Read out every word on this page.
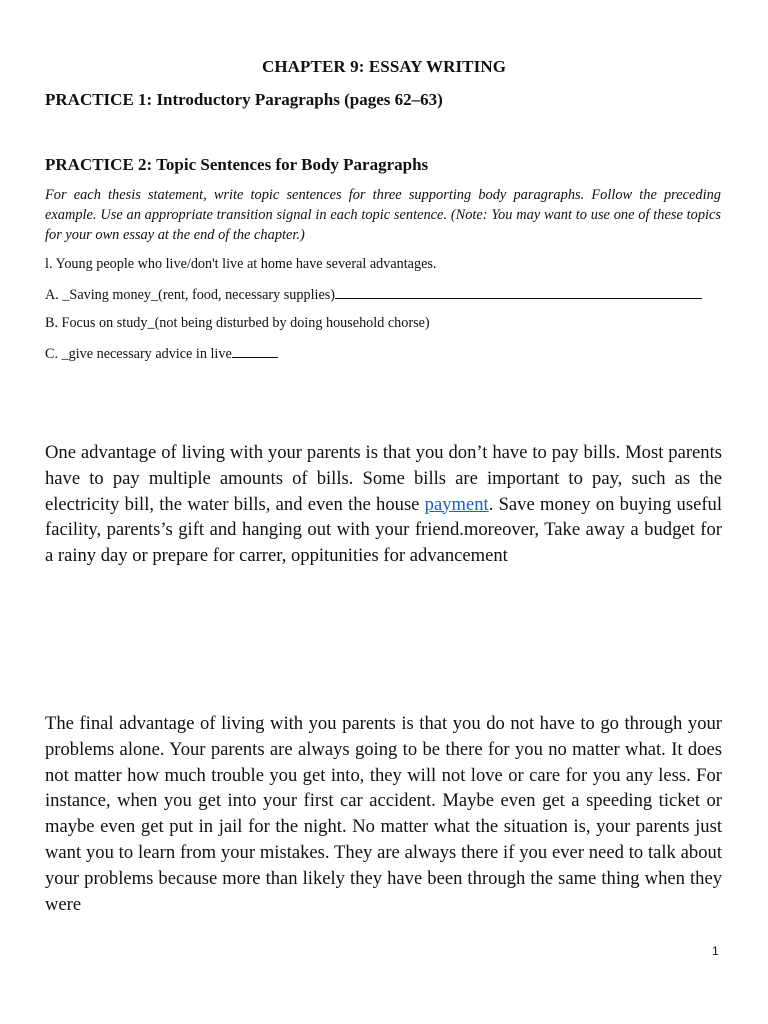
CHAPTER 9: ESSAY WRITING
PRACTICE 1: Introductory Paragraphs (pages 62–63)
PRACTICE 2: Topic Sentences for Body Paragraphs
For each thesis statement, write topic sentences for three supporting body paragraphs. Follow the preceding example. Use an appropriate transition signal in each topic sentence. (Note: You may want to use one of these topics for your own essay at the end of the chapter.)
l. Young people who live/don't live at home have several advantages.
A. _Saving money_(rent, food, necessary supplies)
B. Focus on study_(not being disturbed by doing household chorse)
C. _give necessary advice in live
One advantage of living with your parents is that you don’t have to pay bills. Most parents have to pay multiple amounts of bills. Some bills are important to pay, such as the electricity bill, the water bills, and even the house payment. Save money on buying useful facility, parents’s gift and hanging out with your friend.moreover, Take away a budget for a rainy day or prepare for carrer, oppitunities for advancement
The final advantage of living with you parents is that you do not have to go through your problems alone. Your parents are always going to be there for you no matter what. It does not matter how much trouble you get into, they will not love or care for you any less. For instance, when you get into your first car accident. Maybe even get a speeding ticket or maybe even get put in jail for the night. No matter what the situation is, your parents just want you to learn from your mistakes. They are always there if you ever need to talk about your problems because more than likely they have been through the same thing when they were
1
